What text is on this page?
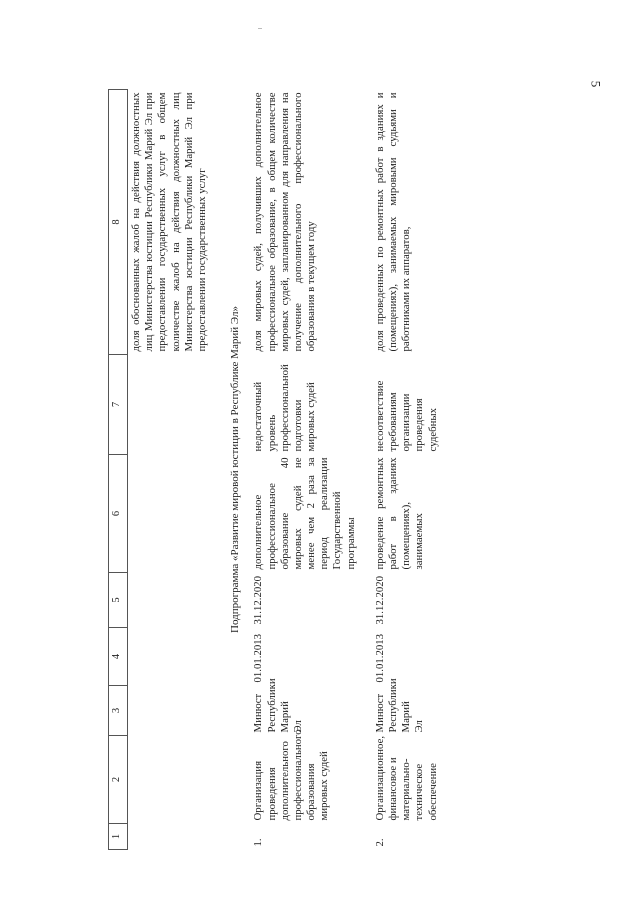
5
1	2	3	4	5	6	7	8
							доля обоснованных жалоб на действия должностных лиц Министерства юстиции Республики Марий Эл при предоставлении государственных услуг в общем количестве жалоб на действия должностных лиц Министерства юстиции Республики Марий Эл при предоставлении государственных услуг
Подпрограмма «Развитие мировой юстиции в Республике Марий Эл»							
1.	Организация проведения дополнительного профессионального образования мировых судей	Минюст Республики Марий Эл	01.01.2013	31.12.2020	дополнительное профессиональное образование 40 мировых судей не менее чем 2 раза за период реализации Государственной программы	недостаточный уровень профессиональной подготовки мировых судей	доля мировых судей, получивших дополнительное профессиональное образование, в общем количестве мировых судей, запланированном для направления на получение дополнительного профессионального образования в текущем году
2.	Организационное, финансовое и материально-техническое обеспечение	Минюст Республики Марий Эл	01.01.2013	31.12.2020	проведение ремонтных работ в зданиях (помещениях), занимаемых	несоответствие требованиям организации проведения судебных	доля проведенных по ремонтных работ в зданиях и (помещениях), занимаемых мировыми судьями и работниками их аппаратов,
